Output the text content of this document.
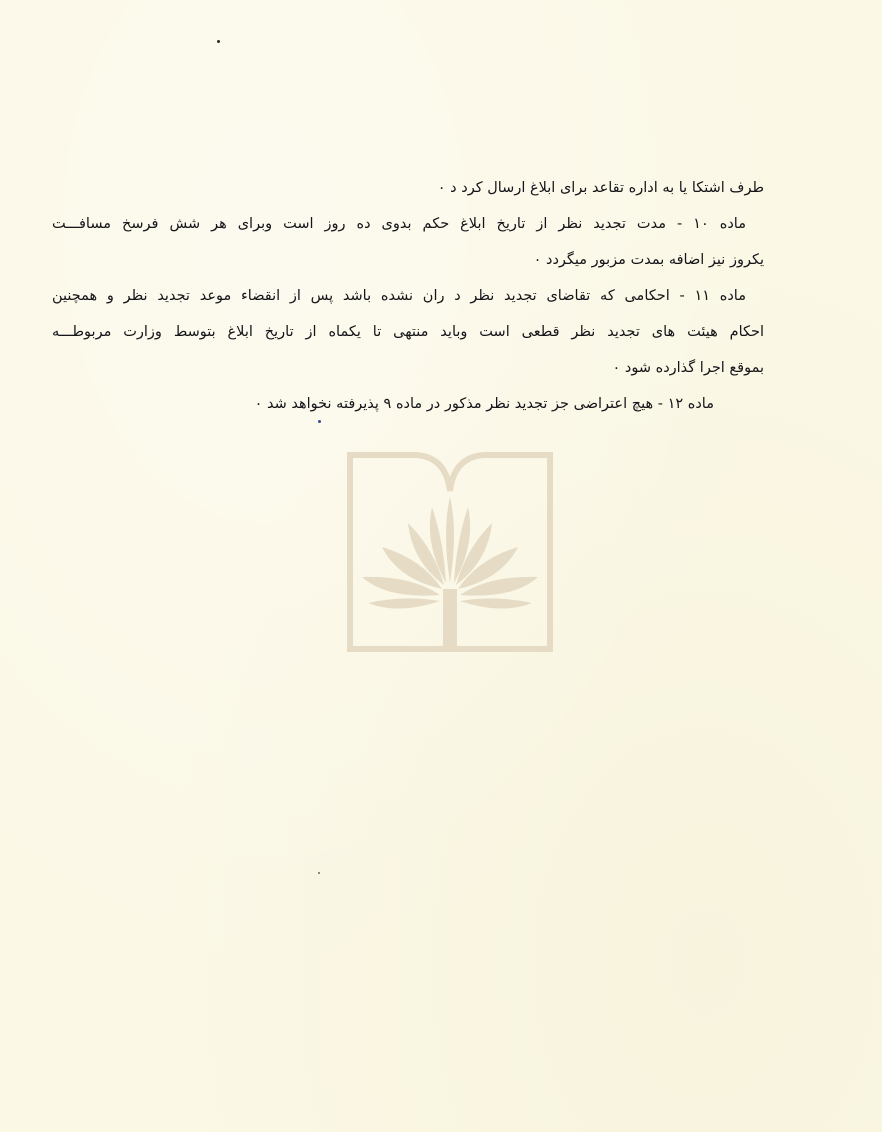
طرف اشتکا یا به اداره تقاعد برای ابلاغ ارسال کرد د ۰
ماده ۱۰ - مدت تجدید نظر از تاریخ ابلاغ حکم بدوی ده روز است وبرای هر شش فرسخ مسافـــت
یکروز نیز اضافه بمدت مزبور میگردد ۰
ماده ۱۱ - احکامی که تقاضای تجدید نظر د ران نشده باشد پس از انقضاء موعد تجدید نظر و همچنین
احکام هیئت های تجدید نظر قطعی است وباید منتهی تا یکماه از تاریخ ابلاغ بتوسط وزارت مربوطـــه
بموقع اجرا گذارده شود ۰
ماده ۱۲ - هیچ اعتراضی جز تجدید نظر مذکور در ماده ۹ پذیرفته نخواهد شد ۰
